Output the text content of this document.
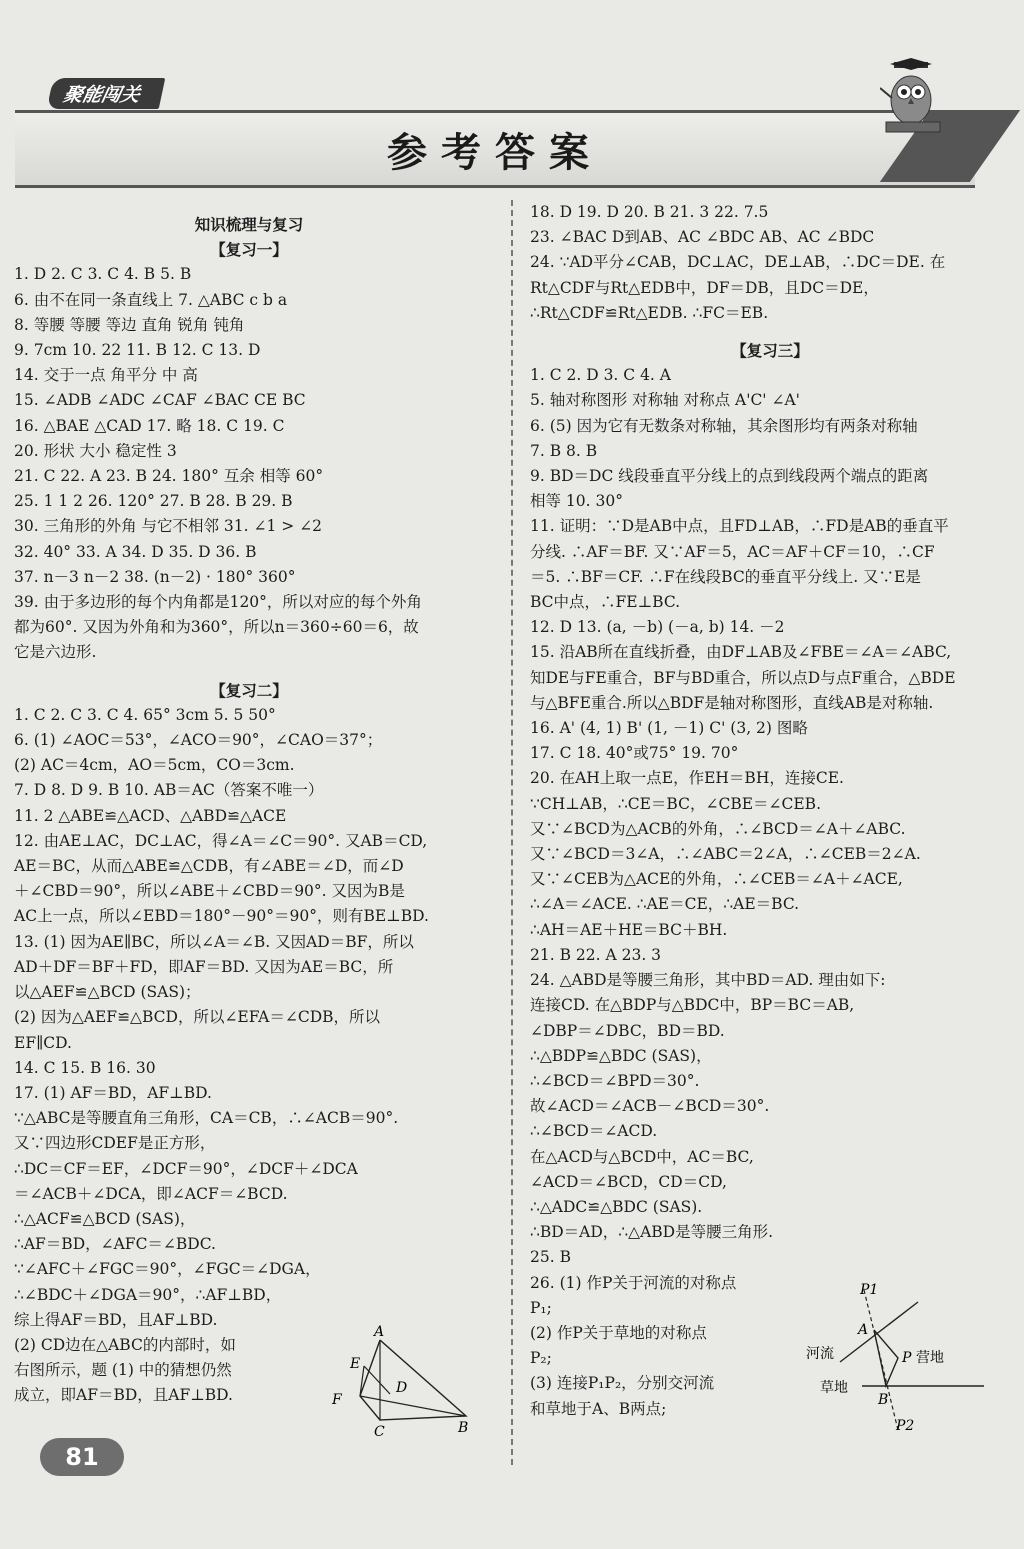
聚能闯关
参考答案
知识梳理与复习
【复习一】
1. D 2. C 3. C 4. B 5. B
6. 由不在同一条直线上 7. △ABC c b a
8. 等腰 等腰 等边 直角 锐角 钝角
9. 7cm 10. 22 11. B 12. C 13. D
14. 交于一点 角平分 中 高
15. ∠ADB ∠ADC ∠CAF ∠BAC CE BC
16. △BAE △CAD 17. 略 18. C 19. C
20. 形状 大小 稳定性 3
21. C 22. A 23. B 24. 180° 互余 相等 60°
25. 1 1 2 26. 120° 27. B 28. B 29. B
30. 三角形的外角 与它不相邻 31. ∠1 > ∠2
32. 40° 33. A 34. D 35. D 36. B
37. n－3 n－2 38. (n－2) · 180° 360°
39. 由于多边形的每个内角都是120°，所以对应的每个外角
都为60°. 又因为外角和为360°，所以n＝360÷60＝6，故
它是六边形.
【复习二】
1. C 2. C 3. C 4. 65° 3cm 5. 5 50°
6. (1) ∠AOC＝53°，∠ACO＝90°，∠CAO＝37°；
(2) AC＝4cm，AO＝5cm，CO＝3cm.
7. D 8. D 9. B 10. AB＝AC（答案不唯一）
11. 2 △ABE≌△ACD、△ABD≌△ACE
12. 由AE⊥AC，DC⊥AC，得∠A＝∠C＝90°. 又AB＝CD,
AE＝BC，从而△ABE≌△CDB，有∠ABE＝∠D，而∠D
＋∠CBD＝90°，所以∠ABE＋∠CBD＝90°. 又因为B是
AC上一点，所以∠EBD＝180°－90°＝90°，则有BE⊥BD.
13. (1) 因为AE∥BC，所以∠A＝∠B. 又因AD＝BF，所以
AD＋DF＝BF＋FD，即AF＝BD. 又因为AE＝BC，所
以△AEF≌△BCD (SAS)；
(2) 因为△AEF≌△BCD，所以∠EFA＝∠CDB，所以
EF∥CD.
14. C 15. B 16. 30
17. (1) AF＝BD，AF⊥BD.
∵△ABC是等腰直角三角形，CA＝CB，∴∠ACB＝90°.
又∵四边形CDEF是正方形，
∴DC＝CF＝EF，∠DCF＝90°，∠DCF＋∠DCA
＝∠ACB＋∠DCA，即∠ACF＝∠BCD.
∴△ACF≌△BCD (SAS)，
∴AF＝BD，∠AFC＝∠BDC.
∵∠AFC＋∠FGC＝90°，∠FGC＝∠DGA，
∴∠BDC＋∠DGA＝90°，∴AF⊥BD，
综上得AF＝BD，且AF⊥BD.
(2) CD边在△ABC的内部时，如
右图所示，题 (1) 中的猜想仍然
成立，即AF＝BD，且AF⊥BD.
18. D 19. D 20. B 21. 3 22. 7.5
23. ∠BAC D到AB、AC ∠BDC AB、AC ∠BDC
24. ∵AD平分∠CAB，DC⊥AC，DE⊥AB，∴DC＝DE. 在
Rt△CDF与Rt△EDB中，DF＝DB，且DC＝DE，
∴Rt△CDF≌Rt△EDB. ∴FC＝EB.
【复习三】
1. C 2. D 3. C 4. A
5. 轴对称图形 对称轴 对称点 A'C' ∠A'
6. (5) 因为它有无数条对称轴，其余图形均有两条对称轴
7. B 8. B
9. BD＝DC 线段垂直平分线上的点到线段两个端点的距离
相等 10. 30°
11. 证明：∵D是AB中点，且FD⊥AB，∴FD是AB的垂直平
分线. ∴AF＝BF. 又∵AF＝5，AC＝AF＋CF＝10，∴CF
＝5. ∴BF＝CF. ∴F在线段BC的垂直平分线上. 又∵E是
BC中点，∴FE⊥BC.
12. D 13. (a, －b) (－a, b) 14. －2
15. 沿AB所在直线折叠，由DF⊥AB及∠FBE＝∠A＝∠ABC,
知DE与FE重合，BF与BD重合，所以点D与点F重合，△BDE
与△BFE重合.所以△BDF是轴对称图形，直线AB是对称轴.
16. A' (4, 1) B' (1, －1) C' (3, 2) 图略
17. C 18. 40°或75° 19. 70°
20. 在AH上取一点E，作EH＝BH，连接CE.
∵CH⊥AB，∴CE＝BC，∠CBE＝∠CEB.
又∵∠BCD为△ACB的外角，∴∠BCD＝∠A＋∠ABC.
又∵∠BCD＝3∠A，∴∠ABC＝2∠A，∴∠CEB＝2∠A.
又∵∠CEB为△ACE的外角，∴∠CEB＝∠A＋∠ACE,
∴∠A＝∠ACE. ∴AE＝CE，∴AE＝BC.
∴AH＝AE＋HE＝BC＋BH.
21. B 22. A 23. 3
24. △ABD是等腰三角形，其中BD＝AD. 理由如下:
连接CD. 在△BDP与△BDC中，BP＝BC＝AB,
∠DBP＝∠DBC，BD＝BD.
∴△BDP≌△BDC (SAS)，
∴∠BCD＝∠BPD＝30°.
故∠ACD＝∠ACB－∠BCD＝30°.
∴∠BCD＝∠ACD.
在△ACD与△BCD中，AC＝BC,
∠ACD＝∠BCD，CD＝CD,
∴△ADC≌△BDC (SAS).
∴BD＝AD，∴△ABD是等腰三角形.
25. B
26. (1) 作P关于河流的对称点
P₁;
(2) 作P关于草地的对称点
P₂;
(3) 连接P₁P₂，分别交河流
和草地于A、B两点;
A
E
D
F
C	B
P1
A
河流	P 营地
草地
B
P2
81
